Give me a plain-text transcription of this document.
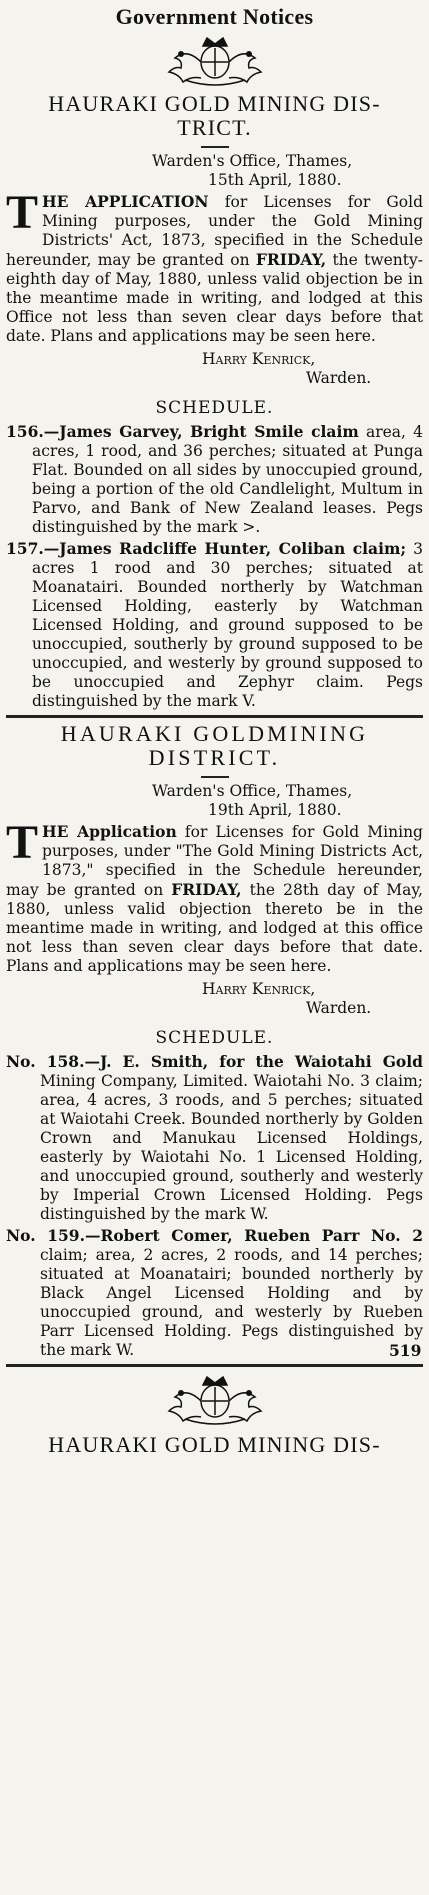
Government Notices
HAURAKI GOLD MINING DIS-
TRICT.
Warden's Office, Thames,
15th April, 1880.
THE APPLICATION for Licenses for Gold Mining purposes, under the Gold Mining Districts' Act, 1873, specified in the Schedule hereunder, may be granted on FRIDAY, the twenty-eighth day of May, 1880, unless valid objection be in the meantime made in writing, and lodged at this Office not less than seven clear days before that date. Plans and applications may be seen here.
Harry Kenrick,
Warden.
SCHEDULE.
156.—James Garvey, Bright Smile claim area, 4 acres, 1 rood, and 36 perches; situated at Punga Flat. Bounded on all sides by unoccupied ground, being a portion of the old Candlelight, Multum in Parvo, and Bank of New Zealand leases. Pegs distinguished by the mark >.
157.—James Radcliffe Hunter, Coliban claim; 3 acres 1 rood and 30 perches; situated at Moanatairi. Bounded northerly by Watchman Licensed Holding, easterly by Watchman Licensed Holding, and ground supposed to be unoccupied, southerly by ground supposed to be unoccupied, and westerly by ground supposed to be unoccupied and Zephyr claim. Pegs distinguished by the mark V.
HAURAKI GOLDMINING
DISTRICT.
Warden's Office, Thames,
19th April, 1880.
THE Application for Licenses for Gold Mining purposes, under "The Gold Mining Districts Act, 1873," specified in the Schedule hereunder, may be granted on FRIDAY, the 28th day of May, 1880, unless valid objection thereto be in the meantime made in writing, and lodged at this office not less than seven clear days before that date. Plans and applications may be seen here.
Harry Kenrick,
Warden.
SCHEDULE.
No. 158.—J. E. Smith, for the Waiotahi Gold Mining Company, Limited. Waiotahi No. 3 claim; area, 4 acres, 3 roods, and 5 perches; situated at Waiotahi Creek. Bounded northerly by Golden Crown and Manukau Licensed Holdings, easterly by Waiotahi No. 1 Licensed Holding, and unoccupied ground, southerly and westerly by Imperial Crown Licensed Holding. Pegs distinguished by the mark W.
No. 159.—Robert Comer, Rueben Parr No. 2 claim; area, 2 acres, 2 roods, and 14 perches; situated at Moanatairi; bounded northerly by Black Angel Licensed Holding and by unoccupied ground, and westerly by Rueben Parr Licensed Holding. Pegs distinguished by the mark W.	519
HAURAKI GOLD MINING DIS-
